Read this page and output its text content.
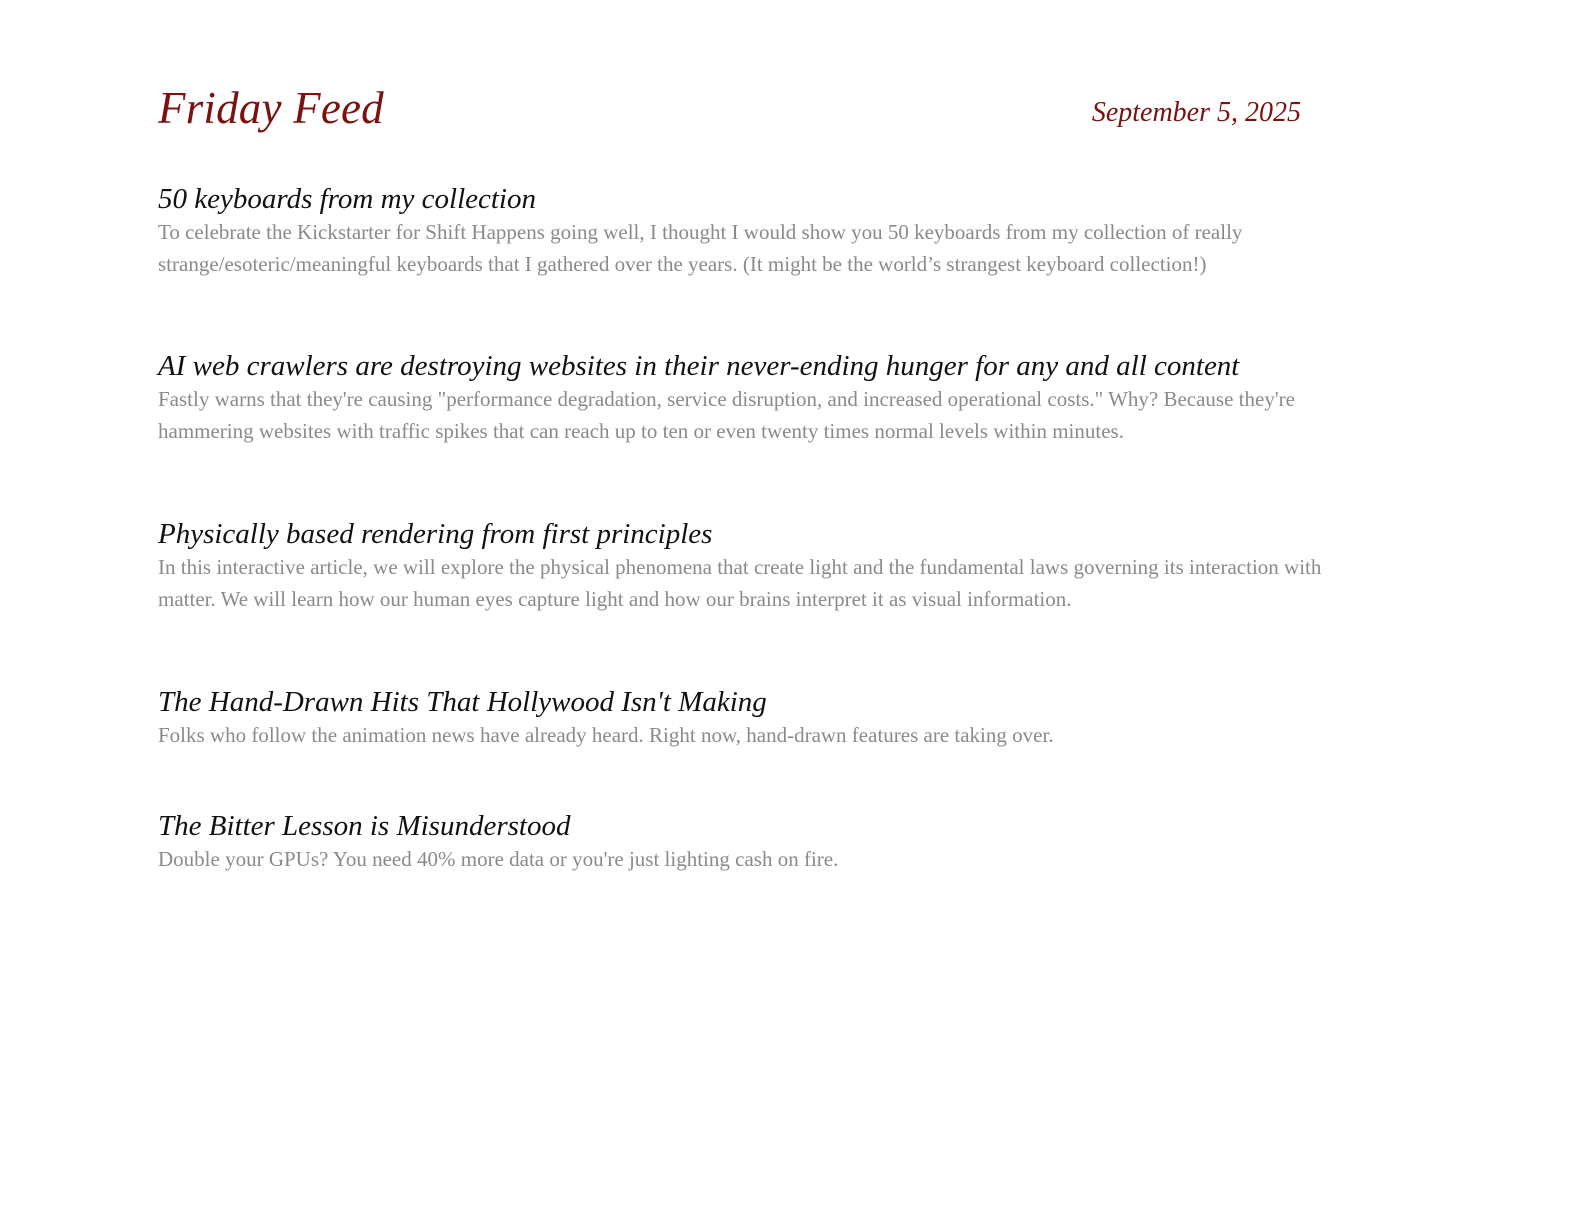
Friday Feed	September 5, 2025
50 keyboards from my collection

To celebrate the Kickstarter for Shift Happens going well, I thought I would show you 50 keyboards from my collection of really strange/esoteric/meaningful keyboards that I gathered over the years. (It might be the world’s strangest keyboard collection!)

AI web crawlers are destroying websites in their never-ending hunger for any and all content

Fastly warns that they're causing "performance degradation, service disruption, and increased operational costs." Why? Because they're hammering websites with traffic spikes that can reach up to ten or even twenty times normal levels within minutes.

Physically based rendering from first principles

In this interactive article, we will explore the physical phenomena that create light and the fundamental laws governing its interaction with matter. We will learn how our human eyes capture light and how our brains interpret it as visual information.

The Hand-Drawn Hits That Hollywood Isn't Making

Folks who follow the animation news have already heard. Right now, hand-drawn features are taking over.

The Bitter Lesson is Misunderstood

Double your GPUs? You need 40% more data or you're just lighting cash on fire.
